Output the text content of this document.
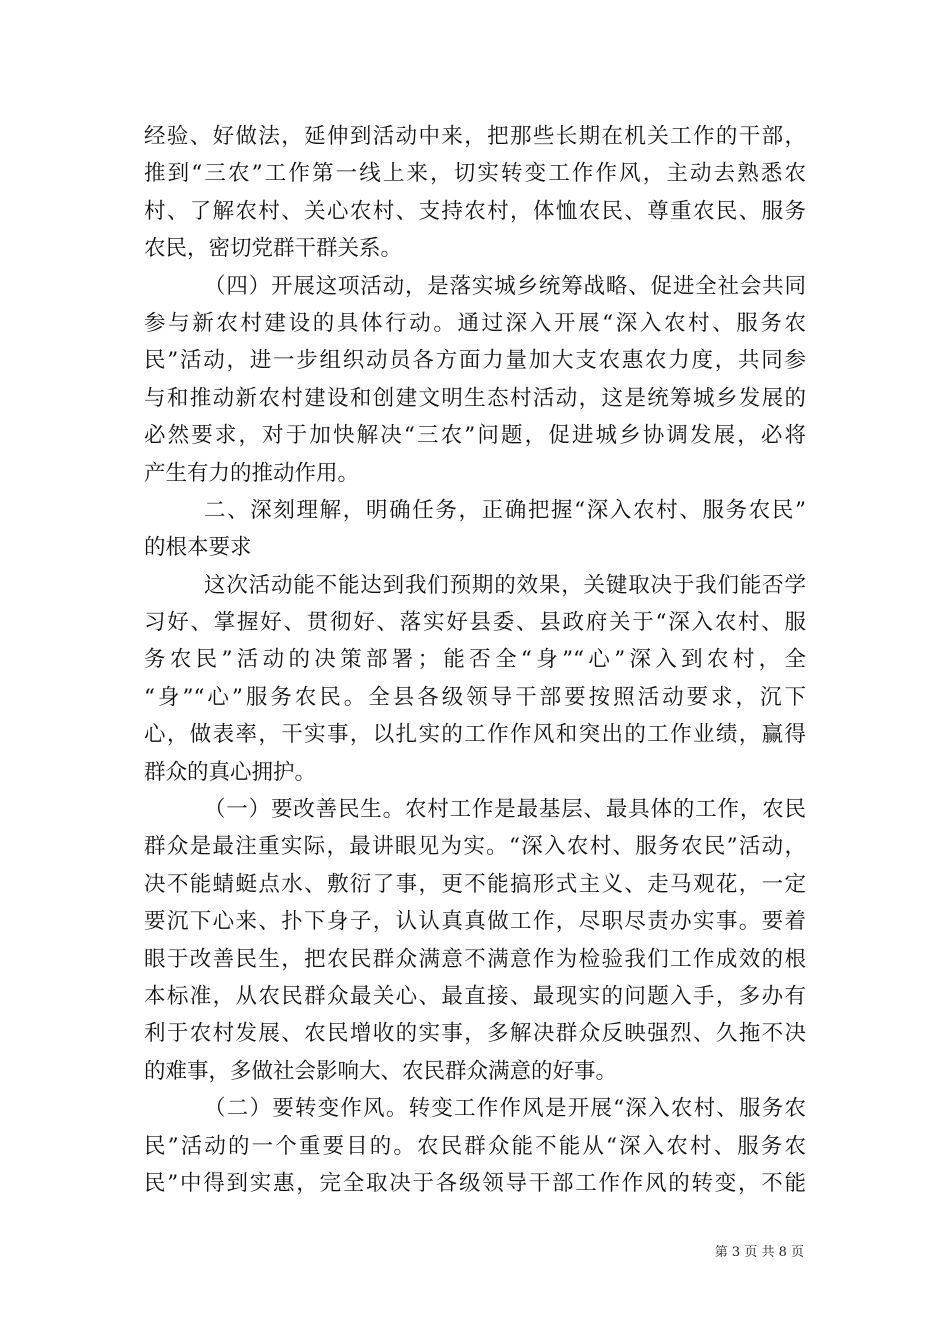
经验、好做法，延伸到活动中来，把那些长期在机关工作的干部，
推到“三农”工作第一线上来，切实转变工作作风，主动去熟悉农
村、了解农村、关心农村、支持农村，体恤农民、尊重农民、服务
农民，密切党群干群关系。
（四）开展这项活动，是落实城乡统筹战略、促进全社会共同
参与新农村建设的具体行动。通过深入开展“深入农村、服务农
民”活动，进一步组织动员各方面力量加大支农惠农力度，共同参
与和推动新农村建设和创建文明生态村活动，这是统筹城乡发展的
必然要求，对于加快解决“三农”问题，促进城乡协调发展，必将
产生有力的推动作用。
二、深刻理解，明确任务，正确把握“深入农村、服务农民”
的根本要求
这次活动能不能达到我们预期的效果，关键取决于我们能否学
习好、掌握好、贯彻好、落实好县委、县政府关于“深入农村、服
务农民”活动的决策部署；能否全“身”“心”深入到农村，全
“身”“心”服务农民。全县各级领导干部要按照活动要求，沉下
心，做表率，干实事，以扎实的工作作风和突出的工作业绩，赢得
群众的真心拥护。
（一）要改善民生。农村工作是最基层、最具体的工作，农民
群众是最注重实际，最讲眼见为实。“深入农村、服务农民”活动，
决不能蜻蜓点水、敷衍了事，更不能搞形式主义、走马观花，一定
要沉下心来、扑下身子，认认真真做工作，尽职尽责办实事。要着
眼于改善民生，把农民群众满意不满意作为检验我们工作成效的根
本标准，从农民群众最关心、最直接、最现实的问题入手，多办有
利于农村发展、农民增收的实事，多解决群众反映强烈、久拖不决
的难事，多做社会影响大、农民群众满意的好事。
（二）要转变作风。转变工作作风是开展“深入农村、服务农
民”活动的一个重要目的。农民群众能不能从“深入农村、服务农
民”中得到实惠，完全取决于各级领导干部工作作风的转变，不能
第 3 页 共 8 页
